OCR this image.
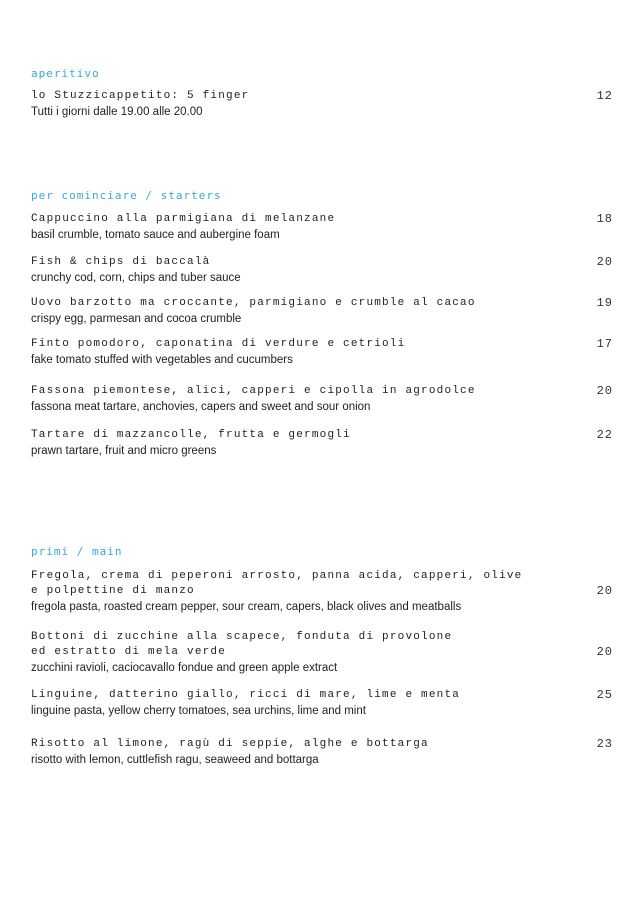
aperitivo
lo Stuzzicappetito: 5 finger
Tutti i giorni dalle 19.00 alle 20.00
12
per cominciare / starters
Cappuccino alla parmigiana di melanzane
basil crumble, tomato sauce and aubergine foam
18
Fish & chips di baccalà
crunchy cod, corn, chips and tuber sauce
20
Uovo barzotto ma croccante, parmigiano e crumble al cacao
crispy egg, parmesan and cocoa crumble
19
Finto pomodoro, caponatina di verdure e cetrioli
fake tomato stuffed with vegetables and cucumbers
17
Fassona piemontese, alici, capperi e cipolla in agrodolce
fassona meat tartare, anchovies, capers and sweet and sour onion
20
Tartare di mazzancolle, frutta e germogli
prawn tartare, fruit and micro greens
22
primi / main
Fregola, crema di peperoni arrosto, panna acida, capperi, olive
e polpettine di manzo
fregola pasta, roasted cream pepper, sour cream, capers, black olives and meatballs
20
Bottoni di zucchine alla scapece, fonduta di provolone
ed estratto di mela verde
zucchini ravioli, caciocavallo fondue and green apple extract
20
Linguine, datterino giallo, ricci di mare, lime e menta
linguine pasta, yellow cherry tomatoes, sea urchins, lime and mint
25
Risotto al limone, ragù di seppie, alghe e bottarga
risotto with lemon, cuttlefish ragu, seaweed and bottarga
23
